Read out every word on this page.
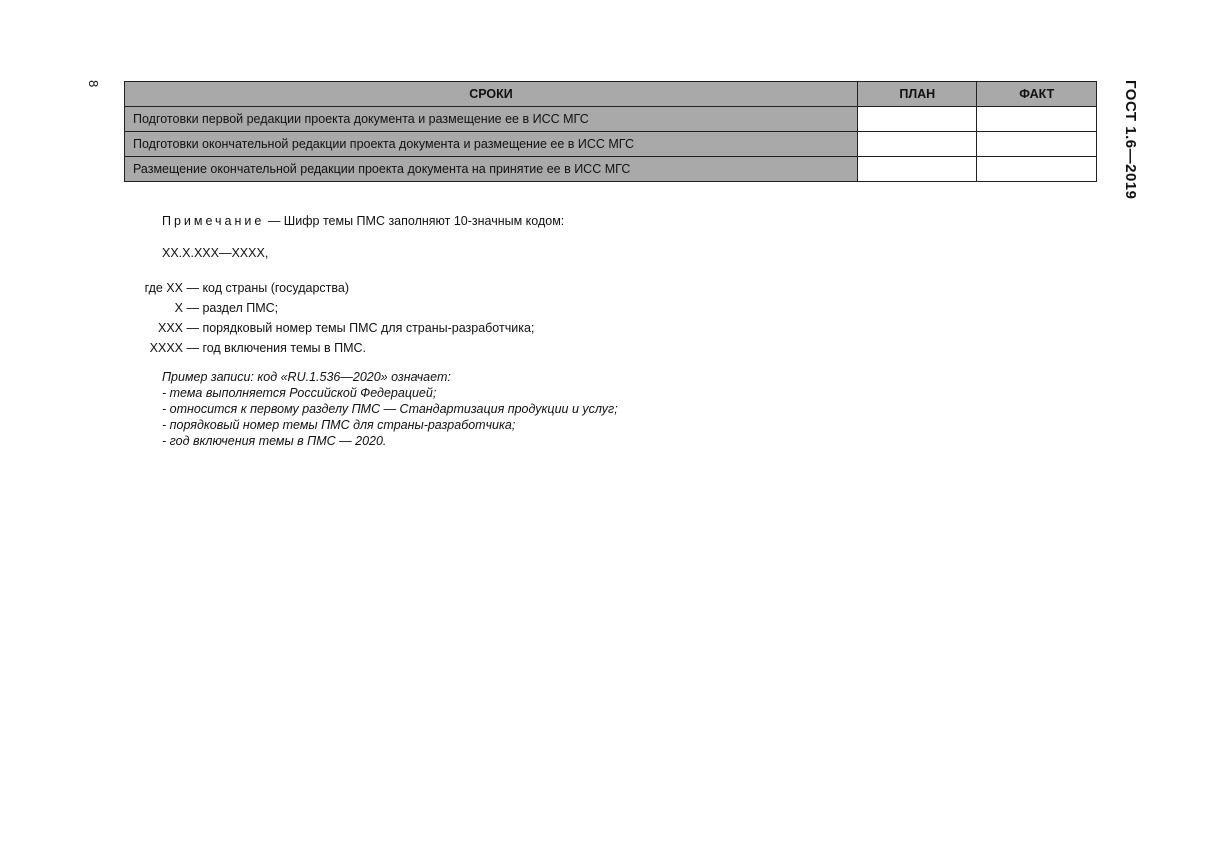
8	ГОСТ 1.6—2019
СРОКИ	ПЛАН	ФАКТ
Подготовки первой редакции проекта документа и размещение ее в ИСС МГС		
Подготовки окончательной редакции проекта документа и размещение ее в ИСС МГС		
Размещение окончательной редакции проекта документа на принятие ее в ИСС МГС		
Примечание — Шифр темы ПМС заполняют 10-значным кодом:
ХХ.Х.ХХХ—ХХХХ,
где ХХ — код страны (государства)
Х — раздел ПМС;
ХХХ — порядковый номер темы ПМС для страны-разработчика;
ХХХХ — год включения темы в ПМС.
Пример записи: код «RU.1.536—2020» означает:
- тема выполняется Российской Федерацией;
- относится к первому разделу ПМС — Стандартизация продукции и услуг;
- порядковый номер темы ПМС для страны-разработчика;
- год включения темы в ПМС — 2020.
